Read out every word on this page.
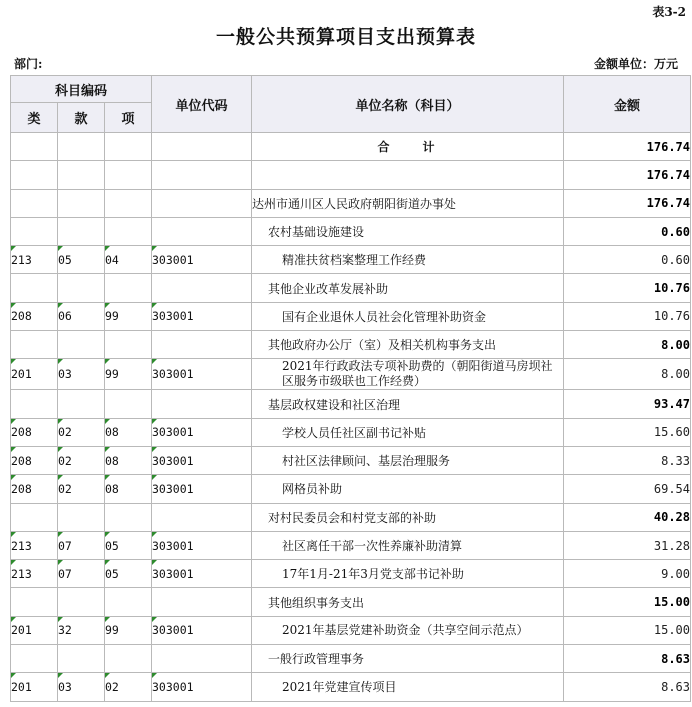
表3-2
一般公共预算项目支出预算表
部门:	金额单位：万元
科目编码			单位代码	单位名称（科目）	金额
类	款	项			
				合　　计	176.74
					176.74
				达州市通川区人民政府朝阳街道办事处	176.74
				农村基础设施建设	0.60
213	05	04	303001	精准扶贫档案整理工作经费	0.60
				其他企业改革发展补助	10.76
208	06	99	303001	国有企业退休人员社会化管理补助资金	10.76
				其他政府办公厅（室）及相关机构事务支出	8.00
201	03	99	303001	2021年行政政法专项补助费的（朝阳街道马房坝社区服务市级联也工作经费）	8.00
				基层政权建设和社区治理	93.47
208	02	08	303001	学校人员任社区副书记补贴	15.60
208	02	08	303001	村社区法律顾问、基层治理服务	8.33
208	02	08	303001	网格员补助	69.54
				对村民委员会和村党支部的补助	40.28
213	07	05	303001	社区离任干部一次性养廉补助清算	31.28
213	07	05	303001	17年1月-21年3月党支部书记补助	9.00
				其他组织事务支出	15.00
201	32	99	303001	2021年基层党建补助资金（共享空间示范点）	15.00
				一般行政管理事务	8.63
201	03	02	303001	2021年党建宣传项目	8.63
